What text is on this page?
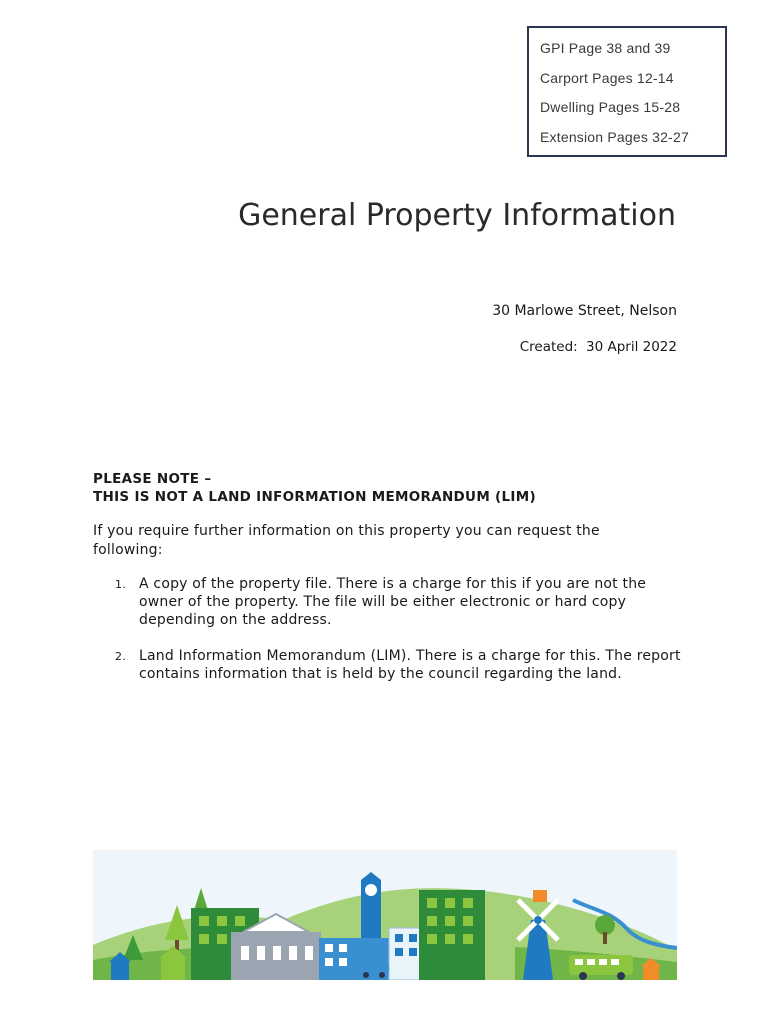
GPI Page 38 and 39
Carport Pages 12-14
Dwelling Pages 15-28
Extension Pages 32-27
General Property Information
30 Marlowe Street, Nelson
Created: 30 April 2022
PLEASE NOTE –
THIS IS NOT A LAND INFORMATION MEMORANDUM (LIM)
If you require further information on this property you can request the following:
1. A copy of the property file. There is a charge for this if you are not the owner of the property. The file will be either electronic or hard copy depending on the address.
2. Land Information Memorandum (LIM). There is a charge for this. The report contains information that is held by the council regarding the land.
